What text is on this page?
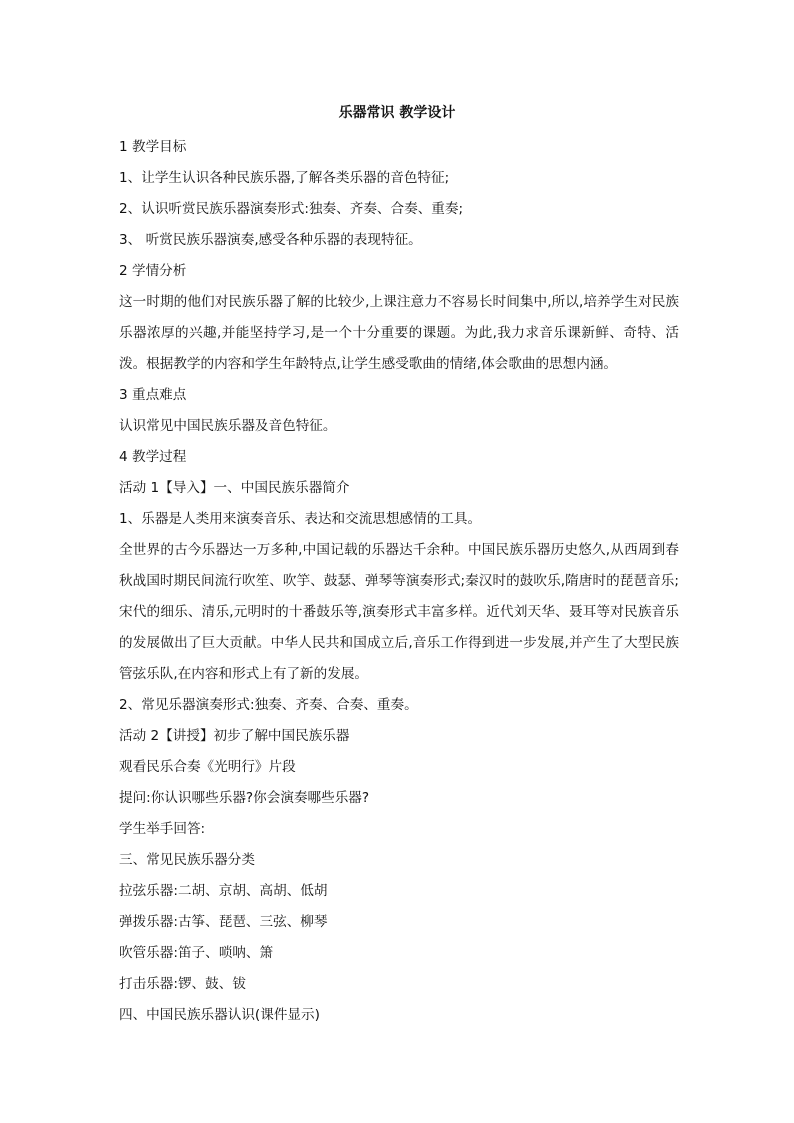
乐器常识 教学设计

1 教学目标

1、让学生认识各种民族乐器,了解各类乐器的音色特征;

2、认识听赏民族乐器演奏形式:独奏、齐奏、合奏、重奏;

3、 听赏民族乐器演奏,感受各种乐器的表现特征。

2 学情分析

这一时期的他们对民族乐器了解的比较少,上课注意力不容易长时间集中,所以,培养学生对民族乐器浓厚的兴趣,并能坚持学习,是一个十分重要的课题。为此,我力求音乐课新鲜、奇特、活泼。根据教学的内容和学生年龄特点,让学生感受歌曲的情绪,体会歌曲的思想内涵。

3 重点难点

认识常见中国民族乐器及音色特征。

4 教学过程

活动 1【导入】一、中国民族乐器简介

1、乐器是人类用来演奏音乐、表达和交流思想感情的工具。

全世界的古今乐器达一万多种,中国记载的乐器达千余种。中国民族乐器历史悠久,从西周到春秋战国时期民间流行吹笙、吹竽、鼓瑟、弹琴等演奏形式;秦汉时的鼓吹乐,隋唐时的琵琶音乐;宋代的细乐、清乐,元明时的十番鼓乐等,演奏形式丰富多样。近代刘天华、聂耳等对民族音乐的发展做出了巨大贡献。中华人民共和国成立后,音乐工作得到进一步发展,并产生了大型民族管弦乐队,在内容和形式上有了新的发展。

2、常见乐器演奏形式:独奏、齐奏、合奏、重奏。

活动 2【讲授】初步了解中国民族乐器

观看民乐合奏《光明行》片段

提问:你认识哪些乐器?你会演奏哪些乐器?

学生举手回答:

三、常见民族乐器分类

拉弦乐器:二胡、京胡、高胡、低胡

弹拨乐器:古筝、琵琶、三弦、柳琴

吹管乐器:笛子、唢呐、箫

打击乐器:锣、鼓、钹

四、中国民族乐器认识(课件显示)
